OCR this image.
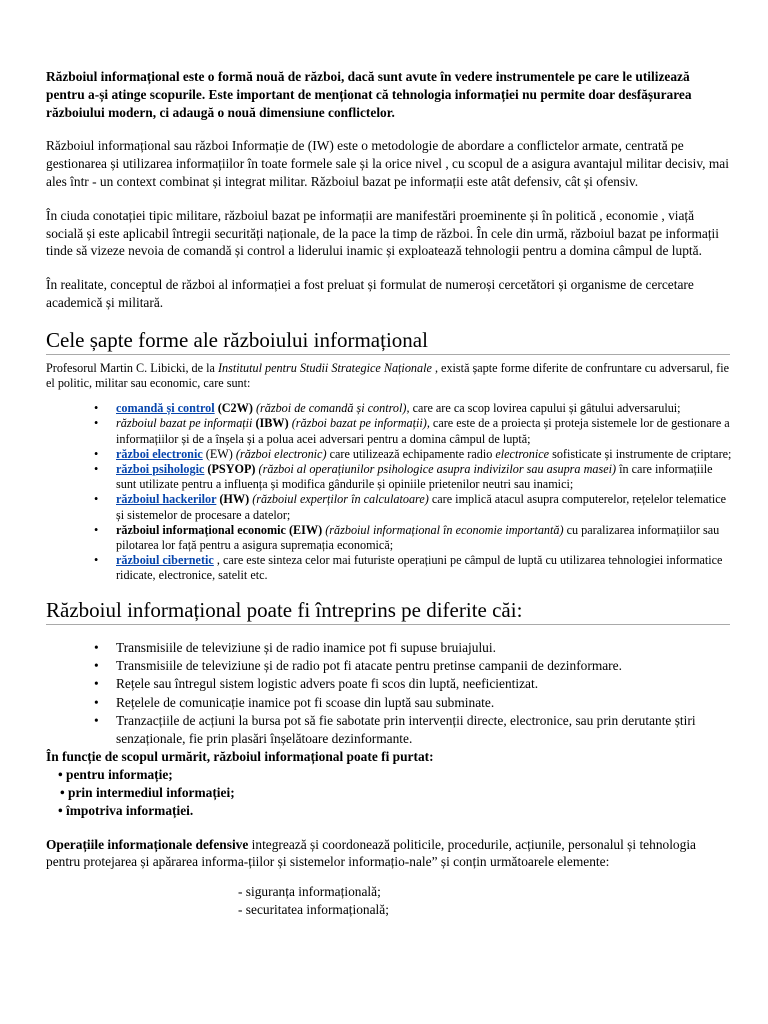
Războiul informațional este o formă nouă de război, dacă sunt avute în vedere instrumentele pe care le utilizează pentru a-și atinge scopurile. Este important de menționat că tehnologia informației nu permite doar desfășurarea războiului modern, ci adaugă o nouă dimensiune conflictelor.

Războiul informațional sau război Informație de (IW) este o metodologie de abordare a conflictelor armate, centrată pe gestionarea și utilizarea informațiilor în toate formele sale și la orice nivel , cu scopul de a asigura avantajul militar decisiv, mai ales într - un context combinat și integrat militar. Războiul bazat pe informații este atât defensiv, cât și ofensiv.

În ciuda conotației tipic militare, războiul bazat pe informații are manifestări proeminente și în politică , economie , viață socială și este aplicabil întregii securități naționale, de la pace la timp de război. În cele din urmă, războiul bazat pe informații tinde să vizeze nevoia de comandă și control a liderului inamic și exploatează tehnologii pentru a domina câmpul de luptă.

În realitate, conceptul de război al informației a fost preluat și formulat de numeroși cercetători și organisme de cercetare academică și militară.

Cele șapte forme ale războiului informațional

Profesorul Martin C. Libicki, de la Institutul pentru Studii Strategice Naționale , există șapte forme diferite de confruntare cu adversarul, fie el politic, militar sau economic, care sunt:

• comandă și control (C2W) (război de comandă și control), care are ca scop lovirea capului și gâtului adversarului;
• războiul bazat pe informații (IBW) (război bazat pe informații), care este de a proiecta și proteja sistemele lor de gestionare a informațiilor și de a înșela și a polua acei adversari pentru a domina câmpul de luptă;
• război electronic (EW) (război electronic) care utilizează echipamente radio electronice sofisticate și instrumente de criptare;
• război psihologic (PSYOP) (război al operațiunilor psihologice asupra indivizilor sau asupra masei) în care informațiile sunt utilizate pentru a influența și modifica gândurile și opiniile prietenilor neutri sau inamici;
• războiul hackerilor (HW) (războiul experților în calculatoare) care implică atacul asupra computerelor, rețelelor telematice și sistemelor de procesare a datelor;
• războiul informațional economic (EIW) (războiul informațional în economie importantă) cu paralizarea informațiilor sau pilotarea lor față pentru a asigura supremația economică;
• războiul cibernetic , care este sinteza celor mai futuriste operațiuni pe câmpul de luptă cu utilizarea tehnologiei informatice ridicate, electronice, satelit etc.
Războiul informațional poate fi întreprins pe diferite căi:
• Transmisiile de televiziune și de radio inamice pot fi supuse bruiajului.
• Transmisiile de televiziune și de radio pot fi atacate pentru pretinse campanii de dezinformare.
• Rețele sau întregul sistem logistic advers poate fi scos din luptă, neeficientizat.
• Rețelele de comunicație inamice pot fi scoase din luptă sau subminate.
• Tranzacțiile de acțiuni la bursa pot să fie sabotate prin intervenții directe, electronice, sau prin derutante știri senzaționale, fie prin plasări înșelătoare dezinformante.

În funcție de scopul urmărit, războiul informațional poate fi purtat:

• pentru informație;

• prin intermediul informației;

• împotriva informației.

Operațiile informaționale defensive integrează și coordonează politicile, procedurile, acțiunile, personalul și tehnologia pentru protejarea și apărarea informa-țiilor și sistemelor informațio-nale” și conțin următoarele elemente:

- siguranța informațională;

- securitatea informațională;
